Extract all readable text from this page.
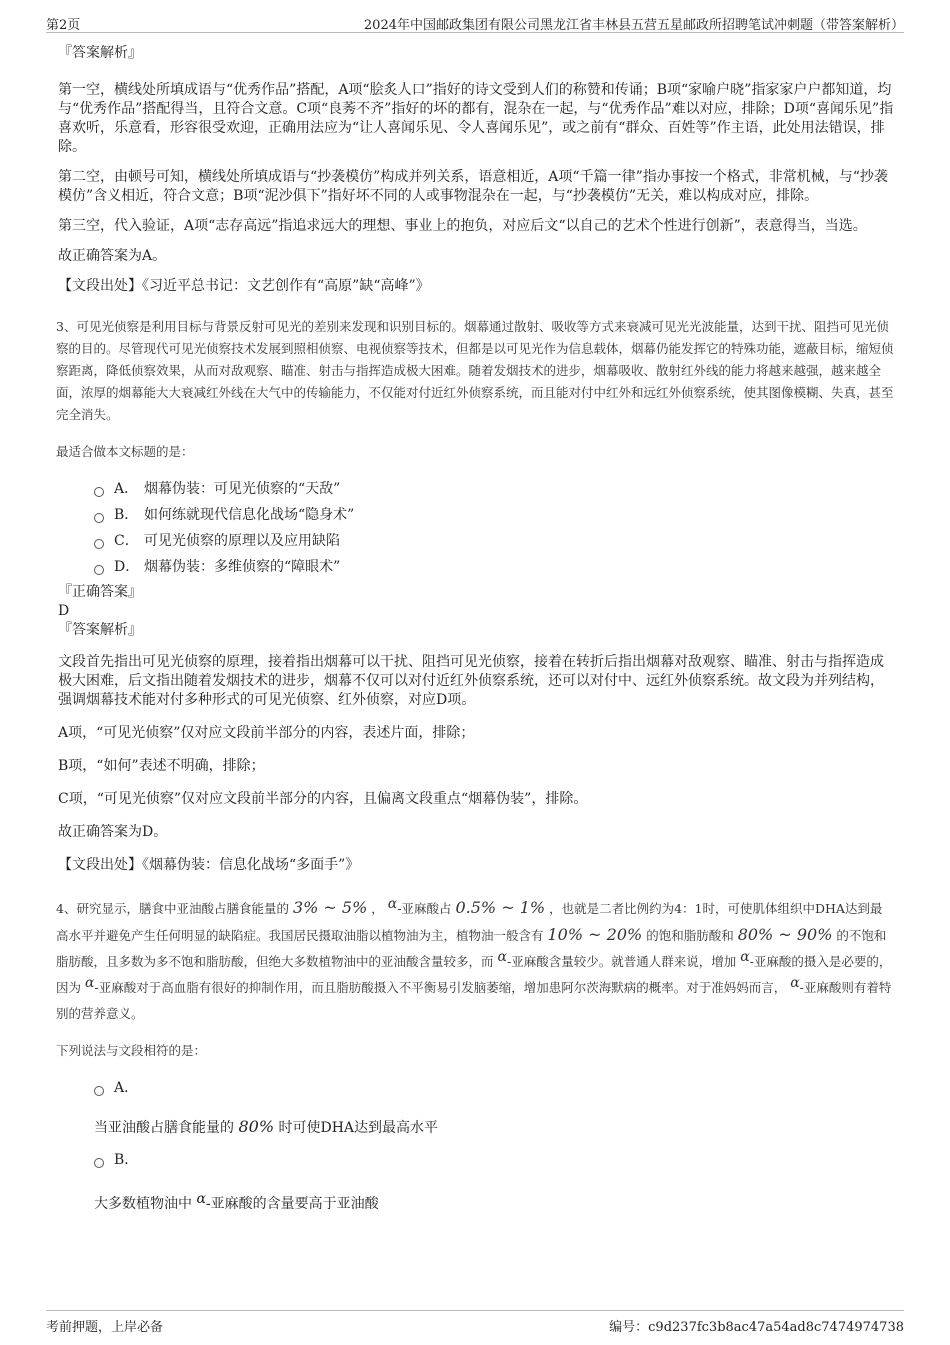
第2页	2024年中国邮政集团有限公司黑龙江省丰林县五营五星邮政所招聘笔试冲刺题（带答案解析）
『答案解析』

第一空，横线处所填成语与“优秀作品”搭配，A项“脍炙人口”指好的诗文受到人们的称赞和传诵；B项“家喻户晓”指家家户户都知道，均与“优秀作品”搭配得当，且符合文意。C项“良莠不齐”指好的坏的都有，混杂在一起，与“优秀作品”难以对应，排除；D项“喜闻乐见”指喜欢听，乐意看，形容很受欢迎，正确用法应为“让人喜闻乐见、令人喜闻乐见”，或之前有“群众、百姓等”作主语，此处用法错误，排除。

第二空，由顿号可知，横线处所填成语与“抄袭模仿”构成并列关系，语意相近，A项“千篇一律”指办事按一个格式，非常机械，与“抄袭模仿”含义相近，符合文意；B项“泥沙俱下”指好坏不同的人或事物混杂在一起，与“抄袭模仿”无关，难以构成对应，排除。

第三空，代入验证，A项“志存高远”指追求远大的理想、事业上的抱负，对应后文“以自己的艺术个性进行创新”，表意得当，当选。

故正确答案为A。

【文段出处】《习近平总书记：文艺创作有“高原”缺“高峰”》

3、可见光侦察是利用目标与背景反射可见光的差别来发现和识别目标的。烟幕通过散射、吸收等方式来衰减可见光光波能量，达到干扰、阻挡可见光侦察的目的。尽管现代可见光侦察技术发展到照相侦察、电视侦察等技术，但都是以可见光作为信息载体，烟幕仍能发挥它的特殊功能，遮蔽目标，缩短侦察距离，降低侦察效果，从而对敌观察、瞄准、射击与指挥造成极大困难。随着发烟技术的进步，烟幕吸收、散射红外线的能力将越来越强，越来越全面，浓厚的烟幕能大大衰减红外线在大气中的传输能力，不仅能对付近红外侦察系统，而且能对付中红外和远红外侦察系统，使其图像模糊、失真，甚至完全消失。

最适合做本文标题的是：
A． 烟幕伪装：可见光侦察的“天敌”
B． 如何练就现代信息化战场“隐身术”
C． 可见光侦察的原理以及应用缺陷
D． 烟幕伪装：多维侦察的“障眼术”
『正确答案』
D
『答案解析』

文段首先指出可见光侦察的原理，接着指出烟幕可以干扰、阻挡可见光侦察，接着在转折后指出烟幕对敌观察、瞄准、射击与指挥造成极大困难，后文指出随着发烟技术的进步，烟幕不仅可以对付近红外侦察系统，还可以对付中、远红外侦察系统。故文段为并列结构，强调烟幕技术能对付多种形式的可见光侦察、红外侦察，对应D项。

A项，“可见光侦察”仅对应文段前半部分的内容，表述片面，排除；

B项，“如何”表述不明确，排除；

C项，“可见光侦察”仅对应文段前半部分的内容，且偏离文段重点“烟幕伪装”，排除。

故正确答案为D。

【文段出处】《烟幕伪装：信息化战场“多面手”》

4、研究显示，膳食中亚油酸占膳食能量的 3% ~ 5% ， α-亚麻酸占 0.5% ~ 1% ，也就是二者比例约为4：1时，可使肌体组织中DHA达到最高水平并避免产生任何明显的缺陷症。我国居民摄取油脂以植物油为主，植物油一般含有 10% ~ 20% 的饱和脂肪酸和 80% ~ 90% 的不饱和脂肪酸，且多数为多不饱和脂肪酸，但绝大多数植物油中的亚油酸含量较多，而 α-亚麻酸含量较少。就普通人群来说，增加 α-亚麻酸的摄入是必要的，因为 α-亚麻酸对于高血脂有很好的抑制作用，而且脂肪酸摄入不平衡易引发脑萎缩，增加患阿尔茨海默病的概率。对于准妈妈而言， α-亚麻酸则有着特别的营养意义。

下列说法与文段相符的是：
A．
当亚油酸占膳食能量的 80% 时可使DHA达到最高水平
B．
大多数植物油中 α-亚麻酸的含量要高于亚油酸
考前押题，上岸必备	编号：c9d237fc3b8ac47a54ad8c7474974738
